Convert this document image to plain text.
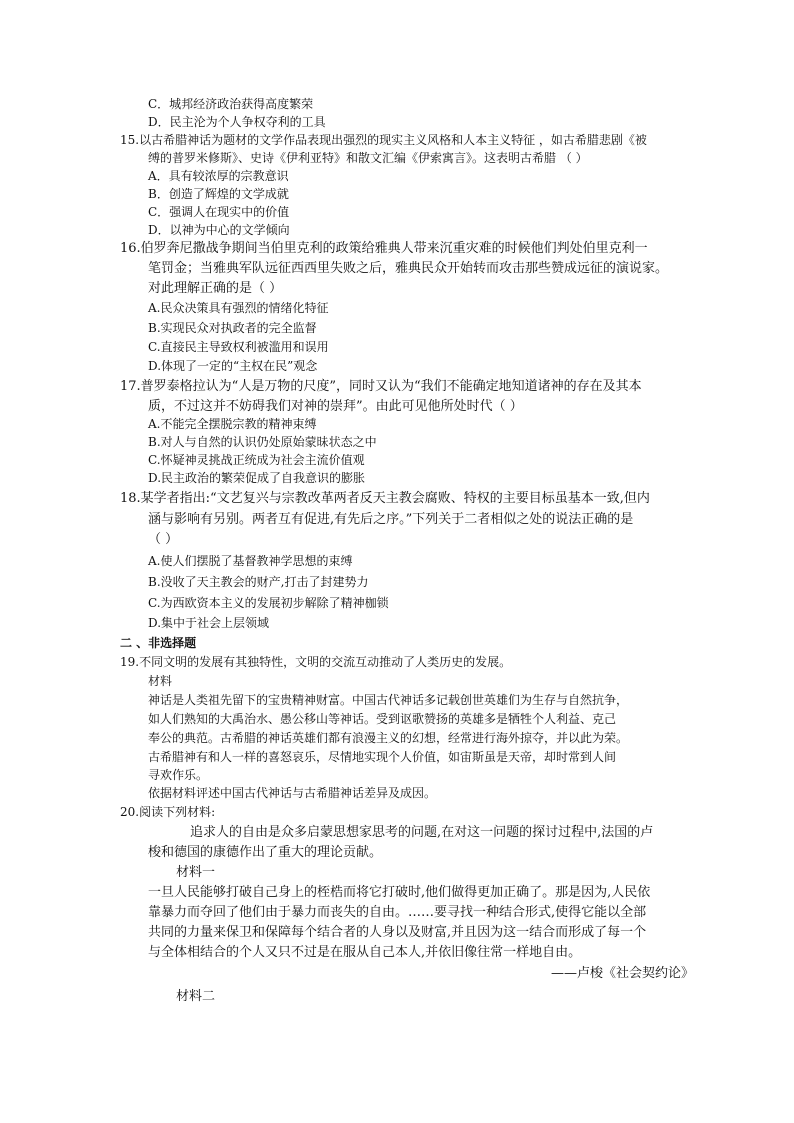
C．城邦经济政治获得高度繁荣
D．民主沦为个人争权夺利的工具
15.以古希腊神话为题材的文学作品表现出强烈的现实主义风格和人本主义特征 ，如古希腊悲剧《被
缚的普罗米修斯》、史诗《伊利亚特》和散文汇编《伊索寓言》。这表明古希腊 （ ）
A．具有较浓厚的宗教意识
B．创造了辉煌的文学成就
C．强调人在现实中的价值
D．以神为中心的文学倾向
16.伯罗奔尼撒战争期间当伯里克利的政策给雅典人带来沉重灾难的时候他们判处伯里克利一
笔罚金；当雅典军队远征西西里失败之后，雅典民众开始转而攻击那些赞成远征的演说家。
对此理解正确的是（ ）
A.民众决策具有强烈的情绪化特征
B.实现民众对执政者的完全监督
C.直接民主导致权利被滥用和误用
D.体现了一定的“主权在民”观念
17.普罗泰格拉认为“人是万物的尺度”，同时又认为“我们不能确定地知道诸神的存在及其本
质，不过这并不妨碍我们对神的崇拜”。由此可见他所处时代（ ）
A.不能完全摆脱宗教的精神束缚
B.对人与自然的认识仍处原始蒙昧状态之中
C.怀疑神灵挑战正统成为社会主流价值观
D.民主政治的繁荣促成了自我意识的膨胀
18.某学者指出:“文艺复兴与宗教改革两者反天主教会腐败、特权的主要目标虽基本一致,但内
涵与影响有另别。两者互有促进,有先后之序。”下列关于二者相似之处的说法正确的是
（ ）
A.使人们摆脱了基督教神学思想的束缚
B.没收了天主教会的财产,打击了封建势力
C.为西欧资本主义的发展初步解除了精神枷锁
D.集中于社会上层领域
二 、非选择题
19.不同文明的发展有其独特性，文明的交流互动推动了人类历史的发展。
材料
神话是人类祖先留下的宝贵精神财富。中国古代神话多记载创世英雄们为生存与自然抗争，
如人们熟知的大禹治水、愚公移山等神话。受到讴歌赞扬的英雄多是牺牲个人利益、克己
奉公的典范。古希腊的神话英雄们都有浪漫主义的幻想，经常进行海外掠夺，并以此为荣。
古希腊神有和人一样的喜怒哀乐，尽情地实现个人价值，如宙斯虽是天帝，却时常到人间
寻欢作乐。
依据材料评述中国古代神话与古希腊神话差异及成因。
20.阅读下列材料:
追求人的自由是众多启蒙思想家思考的问题,在对这一问题的探讨过程中,法国的卢
梭和德国的康德作出了重大的理论贡献。
材料一
一旦人民能够打破自己身上的桎梏而将它打破时,他们做得更加正确了。那是因为,人民依
靠暴力而夺回了他们由于暴力而丧失的自由。……要寻找一种结合形式,使得它能以全部
共同的力量来保卫和保障每个结合者的人身以及财富,并且因为这一结合而形成了每一个
与全体相结合的个人又只不过是在服从自己本人,并依旧像往常一样地自由。
——卢梭《社会契约论》
材料二
